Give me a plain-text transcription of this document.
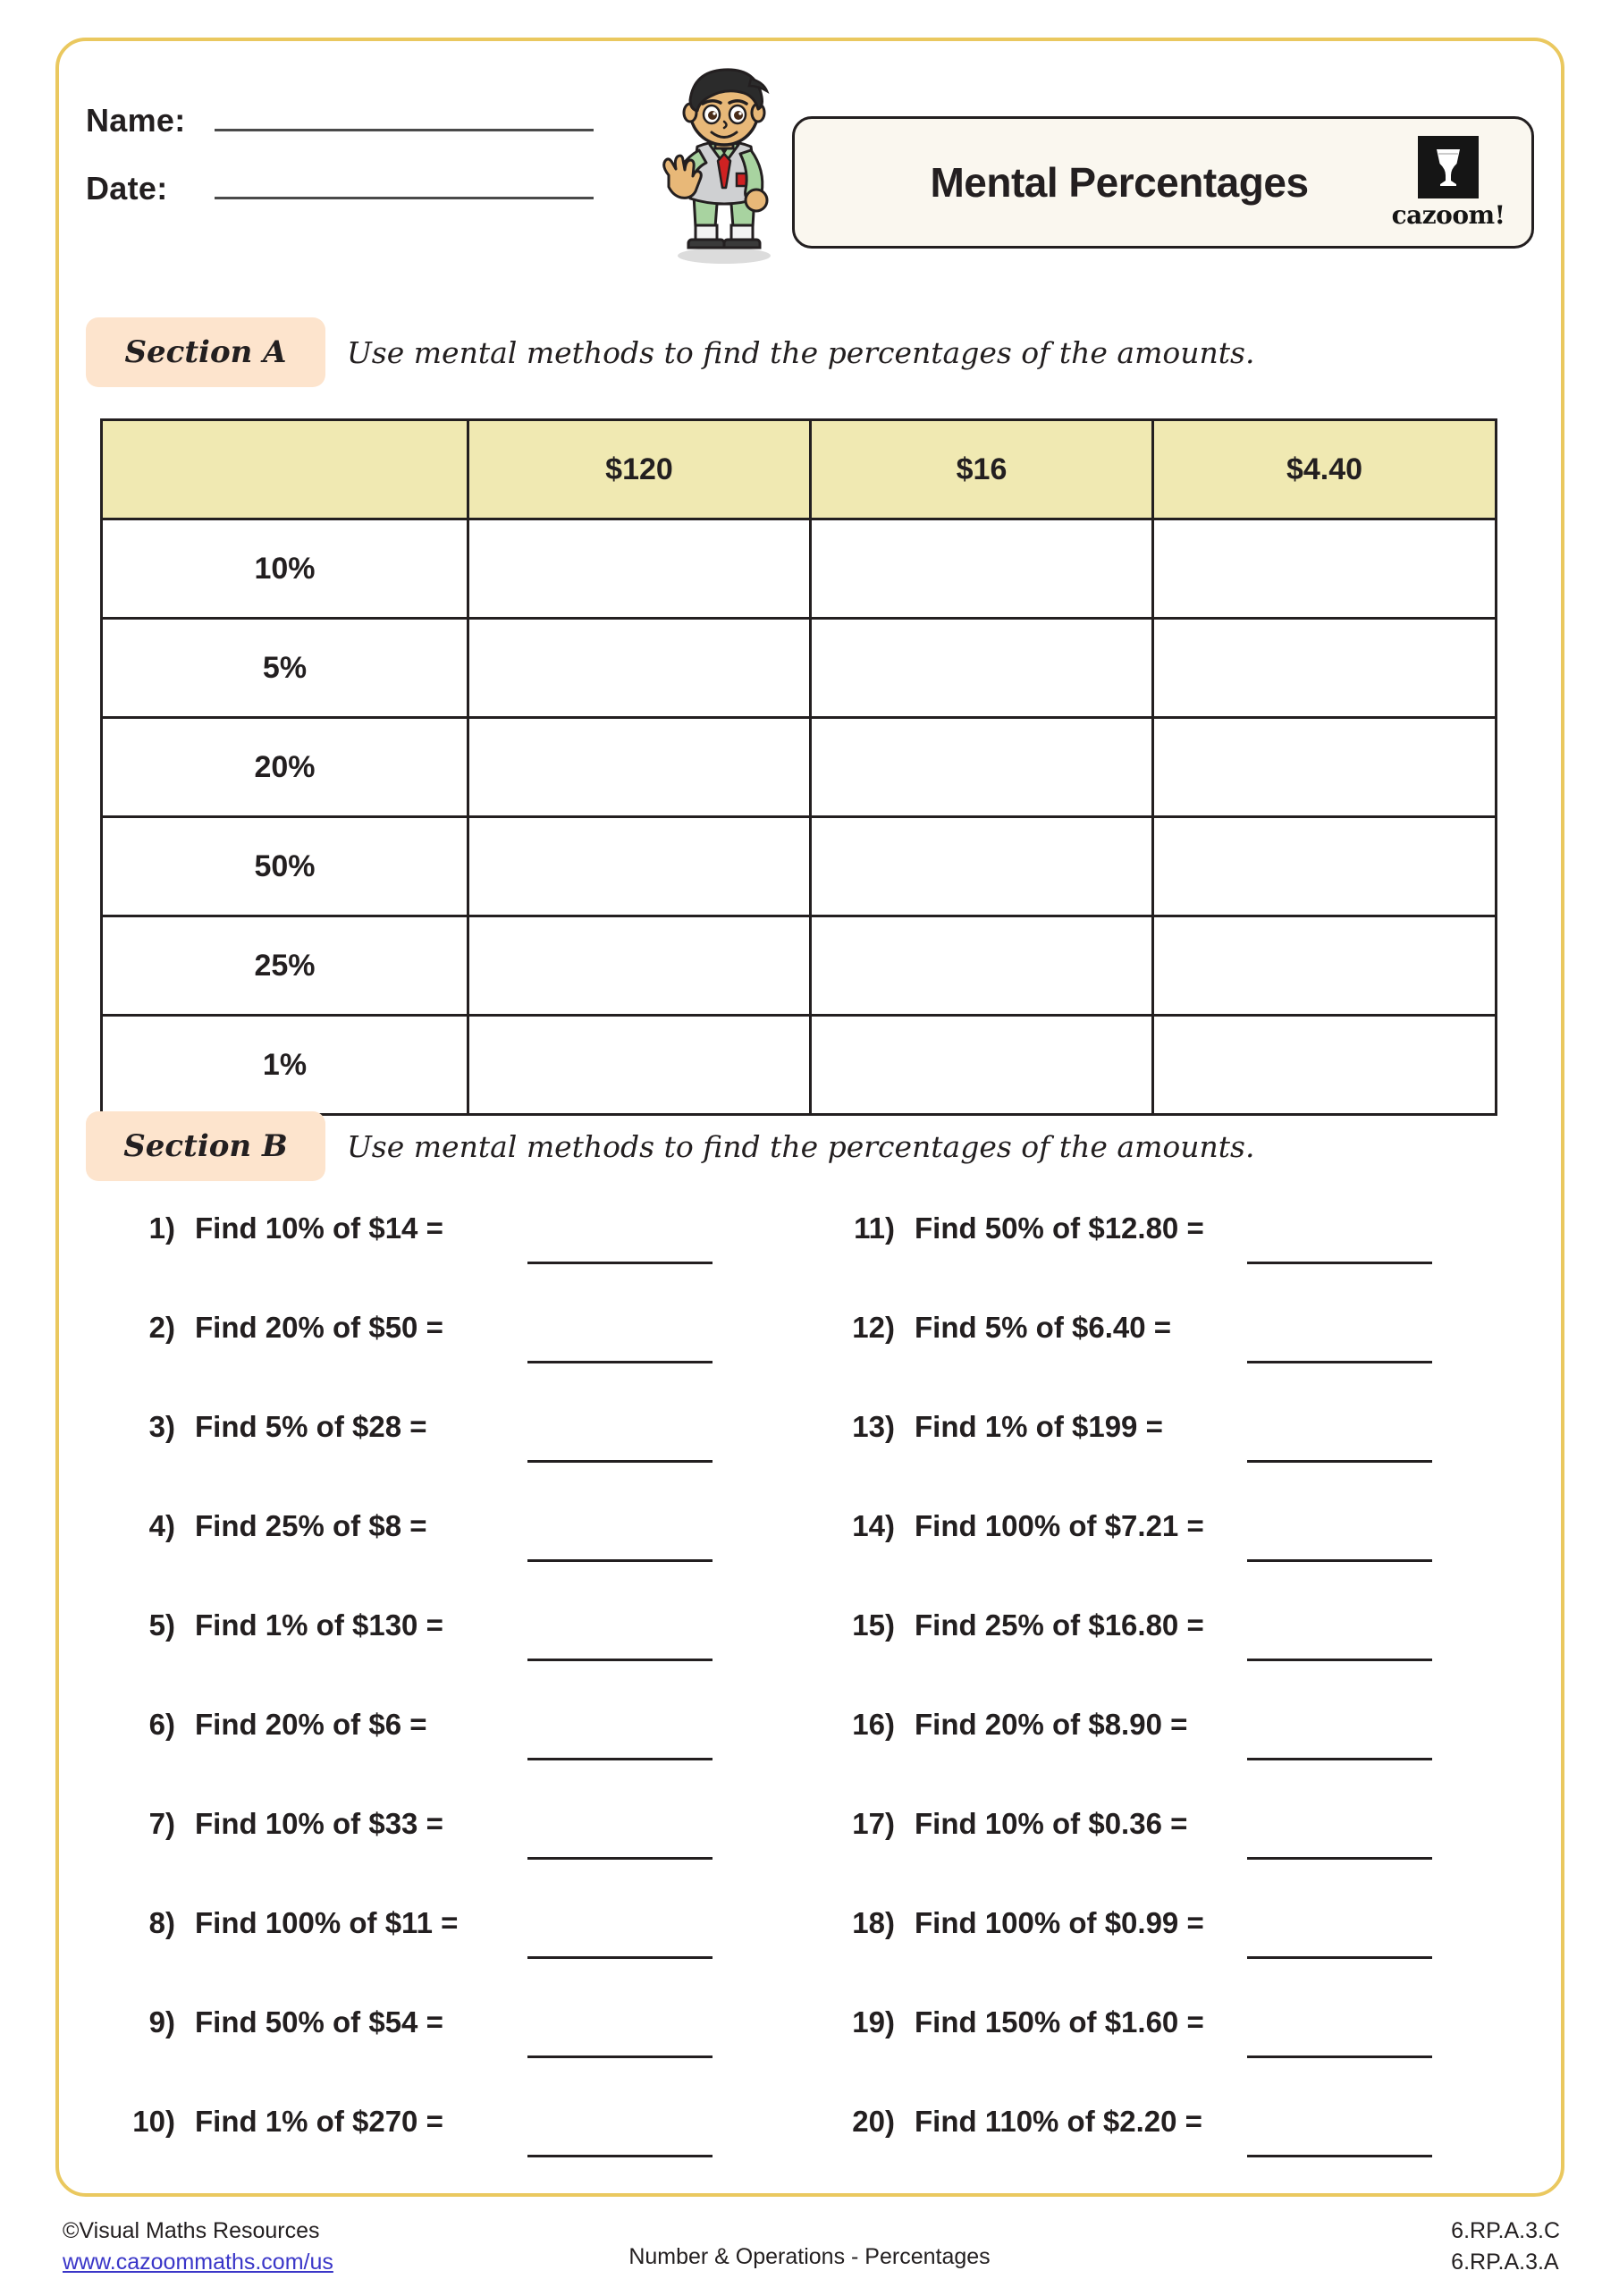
Name:
Date:	Mental Percentages
cazoom!
Section A Use mental methods to find the percentages of the amounts.
	$120	$16	$4.40
10%			
5%			
20%			
50%			
25%			
1%			
Section B Use mental methods to find the percentages of the amounts.
1) Find 10% of $14 =
2) Find 20% of $50 =
3) Find 5% of $28 =
4) Find 25% of $8 =
5) Find 1% of $130 =
6) Find 20% of $6 =
7) Find 10% of $33 =
8) Find 100% of $11 =
9) Find 50% of $54 =
10) Find 1% of $270 =
11) Find 50% of $12.80 =
12) Find 5% of $6.40 =
13) Find 1% of $199 =
14) Find 100% of $7.21 =
15) Find 25% of $16.80 =
16) Find 20% of $8.90 =
17) Find 10% of $0.36 =
18) Find 100% of $0.99 =
19) Find 150% of $1.60 =
20) Find 110% of $2.20 =
©Visual Maths Resources
www.cazoommaths.com/us	Number & Operations - Percentages
6.RP.A.3.C
6.RP.A.3.A
